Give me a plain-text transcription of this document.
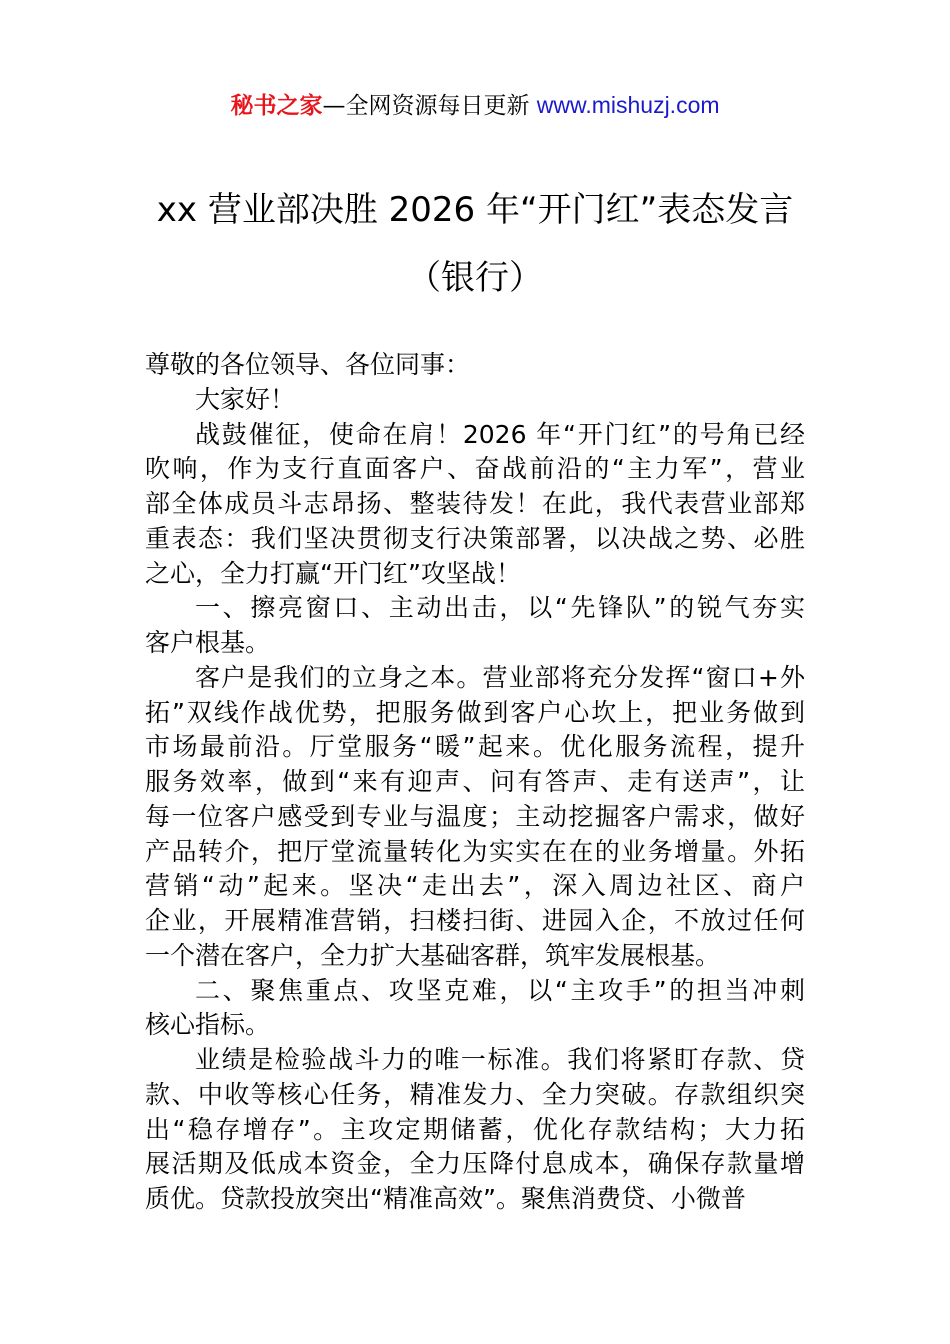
秘书之家—全网资源每日更新 www.mishuzj.com
xx 营业部决胜 2026 年“开门红”表态发言
（银行）
尊敬的各位领导、各位同事：
大家好！
战鼓催征，使命在肩！2026 年“开门红”的号角已经
吹响，作为支行直面客户、奋战前沿的“主力军”，营业
部全体成员斗志昂扬、整装待发！在此，我代表营业部郑
重表态：我们坚决贯彻支行决策部署，以决战之势、必胜
之心，全力打赢“开门红”攻坚战！
一、擦亮窗口、主动出击，以“先锋队”的锐气夯实
客户根基。
客户是我们的立身之本。营业部将充分发挥“窗口+外
拓”双线作战优势，把服务做到客户心坎上，把业务做到
市场最前沿。厅堂服务“暖”起来。优化服务流程，提升
服务效率，做到“来有迎声、问有答声、走有送声”，让
每一位客户感受到专业与温度；主动挖掘客户需求，做好
产品转介，把厅堂流量转化为实实在在的业务增量。外拓
营销“动”起来。坚决“走出去”，深入周边社区、商户
企业，开展精准营销，扫楼扫街、进园入企，不放过任何
一个潜在客户，全力扩大基础客群，筑牢发展根基。
二、聚焦重点、攻坚克难，以“主攻手”的担当冲刺
核心指标。
业绩是检验战斗力的唯一标准。我们将紧盯存款、贷
款、中收等核心任务，精准发力、全力突破。存款组织突
出“稳存增存”。主攻定期储蓄，优化存款结构；大力拓
展活期及低成本资金，全力压降付息成本，确保存款量增
质优。贷款投放突出“精准高效”。聚焦消费贷、小微普
